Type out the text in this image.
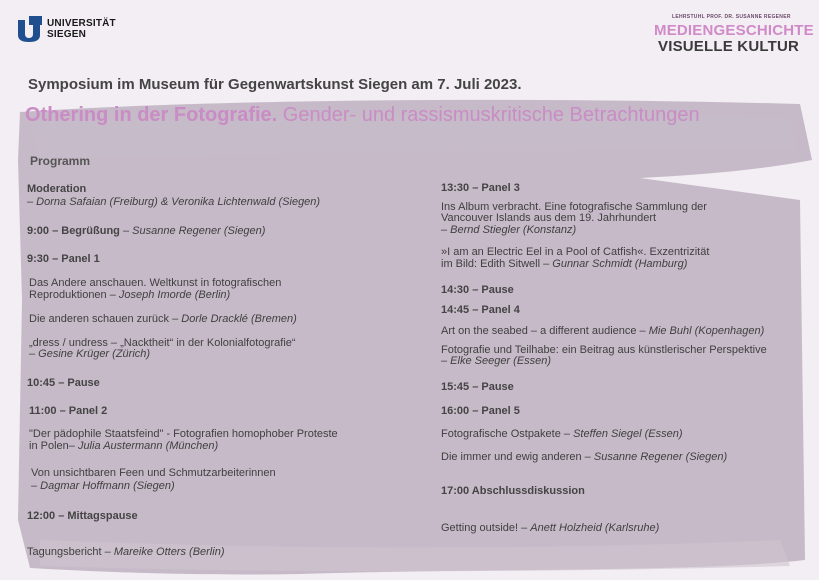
UNIVERSITÄT
SIEGEN
LEHRSTUHL PROF. DR. SUSANNE REGENER
MEDIENGESCHICHTE
VISUELLE KULTUR
Symposium im Museum für Gegenwartskunst Siegen am 7. Juli 2023.
Othering in der Fotografie. Gender- und rassismuskritische Betrachtungen
Programm
Moderation
– Dorna Safaian (Freiburg) & Veronika Lichtenwald (Siegen)
9:00 – Begrüßung – Susanne Regener (Siegen)
9:30 – Panel 1
Das Andere anschauen. Weltkunst in fotografischen
Reproduktionen – Joseph Imorde (Berlin)
Die anderen schauen zurück – Dorle Dracklé (Bremen)
„dress / undress – „Nacktheit“ in der Kolonialfotografie“
– Gesine Krüger (Zürich)
10:45 – Pause
11:00 – Panel 2
"Der pädophile Staatsfeind" - Fotografien homophober Proteste
in Polen– Julia Austermann (München)
Von unsichtbaren Feen und Schmutzarbeiterinnen
– Dagmar Hoffmann (Siegen)
12:00 – Mittagspause
Tagungsbericht – Mareike Otters (Berlin)
13:30 – Panel 3
Ins Album verbracht. Eine fotografische Sammlung der
Vancouver Islands aus dem 19. Jahrhundert
– Bernd Stiegler (Konstanz)
»I am an Electric Eel in a Pool of Catfish«. Exzentrizität
im Bild: Edith Sitwell – Gunnar Schmidt (Hamburg)
14:30 – Pause
14:45 – Panel 4
Art on the seabed – a different audience – Mie Buhl (Kopenhagen)
Fotografie und Teilhabe: ein Beitrag aus künstlerischer Perspektive
– Elke Seeger (Essen)
15:45 – Pause
16:00 – Panel 5
Fotografische Ostpakete – Steffen Siegel (Essen)
Die immer und ewig anderen – Susanne Regener (Siegen)
17:00 Abschlussdiskussion
Getting outside! – Anett Holzheid (Karlsruhe)
